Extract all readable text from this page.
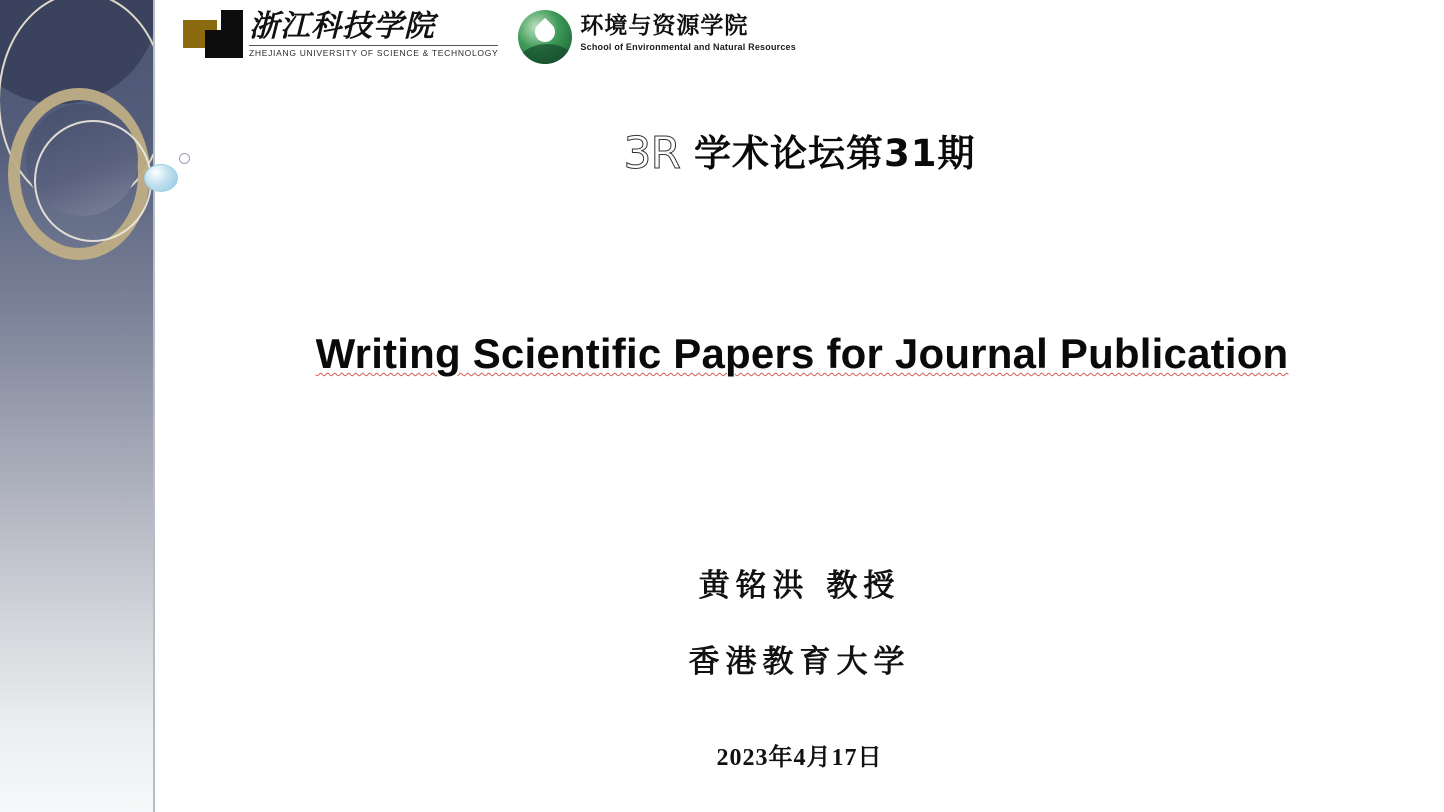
浙江科技学院
ZHEJIANG UNIVERSITY OF SCIENCE & TECHNOLOGY
环境与资源学院
School of Environmental and Natural Resources
3R 学术论坛第31期
Writing Scientific Papers for Journal Publication
黄铭洪 教授
香港教育大学
2023年4月17日
